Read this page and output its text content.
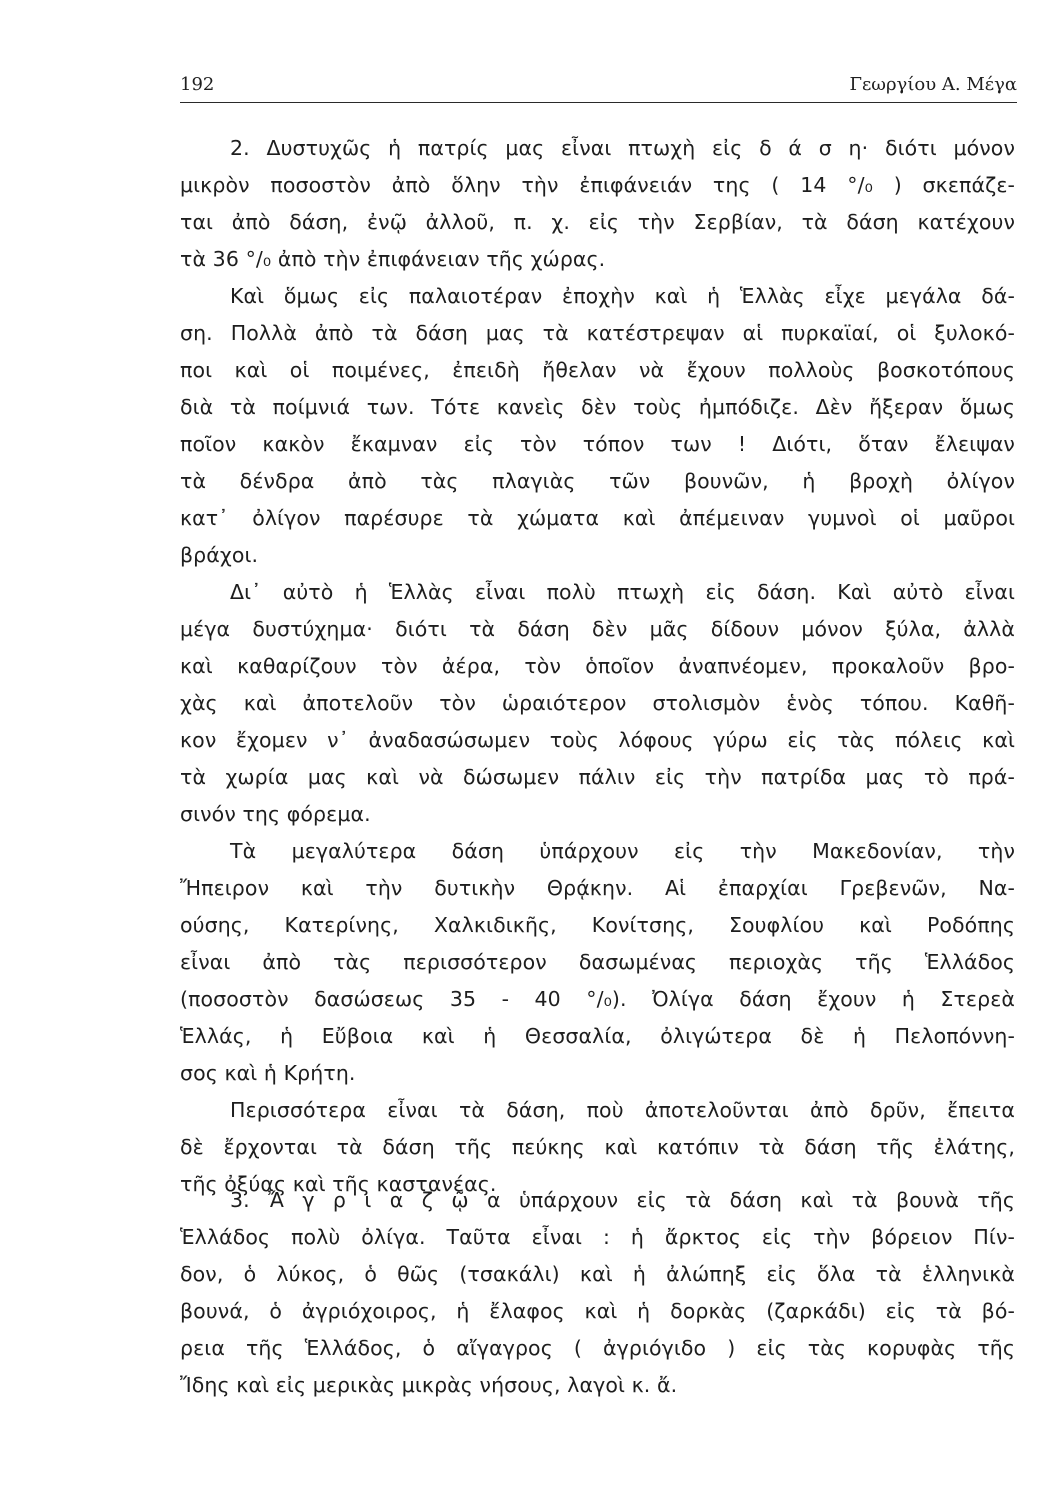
192	Γεωργίου Α. Μέγα
2. Δυστυχῶς ἡ πατρίς μας εἶναι πτωχὴ εἰς δ ά σ η· διότι μόνον
μικρὸν ποσοστὸν ἀπὸ ὅλην τὴν ἐπιφάνειάν της ( 14 °/₀ ) σκεπάζε-
ται ἀπὸ δάση, ἐνῷ ἀλλοῦ, π. χ. εἰς τὴν Σερβίαν, τὰ δάση κατέχουν
τὰ 36 °/₀ ἀπὸ τὴν ἐπιφάνειαν τῆς χώρας.
Καὶ ὅμως εἰς παλαιοτέραν ἐποχὴν καὶ ἡ Ἑλλὰς εἶχε μεγάλα δά-
ση. Πολλὰ ἀπὸ τὰ δάση μας τὰ κατέστρεψαν αἱ πυρκαϊαί, οἱ ξυλοκό-
ποι καὶ οἱ ποιμένες, ἐπειδὴ ἤθελαν νὰ ἔχουν πολλοὺς βοσκοτόπους
διὰ τὰ ποίμνιά των. Τότε κανεὶς δὲν τοὺς ἠμπόδιζε. Δὲν ἤξεραν ὅμως
ποῖον κακὸν ἔκαμναν εἰς τὸν τόπον των ! Διότι, ὅταν ἔλειψαν
τὰ δένδρα ἀπὸ τὰς πλαγιὰς τῶν βουνῶν, ἡ βροχὴ ὀλίγον
κατ᾽ ὀλίγον παρέσυρε τὰ χώματα καὶ ἀπέμειναν γυμνοὶ οἱ μαῦροι
βράχοι.
Δι᾽ αὐτὸ ἡ Ἑλλὰς εἶναι πολὺ πτωχὴ εἰς δάση. Καὶ αὐτὸ εἶναι
μέγα δυστύχημα· διότι τὰ δάση δὲν μᾶς δίδουν μόνον ξύλα, ἀλλὰ
καὶ καθαρίζουν τὸν ἀέρα, τὸν ὁποῖον ἀναπνέομεν, προκαλοῦν βρο-
χὰς καὶ ἀποτελοῦν τὸν ὡραιότερον στολισμὸν ἑνὸς τόπου. Καθῆ-
κον ἔχομεν ν᾽ ἀναδασώσωμεν τοὺς λόφους γύρω εἰς τὰς πόλεις καὶ
τὰ χωρία μας καὶ νὰ δώσωμεν πάλιν εἰς τὴν πατρίδα μας τὸ πρά-
σινόν της φόρεμα.
Τὰ μεγαλύτερα δάση ὑπάρχουν εἰς τὴν Μακεδονίαν, τὴν
Ἤπειρον καὶ τὴν δυτικὴν Θρᾴκην. Αἱ ἐπαρχίαι Γρεβενῶν, Να-
ούσης, Κατερίνης, Χαλκιδικῆς, Κονίτσης, Σουφλίου καὶ Ροδόπης
εἶναι ἀπὸ τὰς περισσότερον δασωμένας περιοχὰς τῆς Ἑλλάδος
(ποσοστὸν δασώσεως 35 - 40 °/₀). Ὀλίγα δάση ἔχουν ἡ Στερεὰ
Ἑλλάς, ἡ Εὔβοια καὶ ἡ Θεσσαλία, ὀλιγώτερα δὲ ἡ Πελοπόννη-
σος καὶ ἡ Κρήτη.
Περισσότερα εἶναι τὰ δάση, ποὺ ἀποτελοῦνται ἀπὸ δρῦν, ἔπειτα
δὲ ἔρχονται τὰ δάση τῆς πεύκης καὶ κατόπιν τὰ δάση τῆς ἐλάτης,
τῆς ὀξύας καὶ τῆς καστανέας.
3. Ἄ γ ρ ι α ζ ῷ α ὑπάρχουν εἰς τὰ δάση καὶ τὰ βουνὰ τῆς
Ἑλλάδος πολὺ ὀλίγα. Ταῦτα εἶναι : ἡ ἄρκτος εἰς τὴν βόρειον Πίν-
δον, ὁ λύκος, ὁ θῶς (τσακάλι) καὶ ἡ ἀλώπηξ εἰς ὅλα τὰ ἑλληνικὰ
βουνά, ὁ ἀγριόχοιρος, ἡ ἔλαφος καὶ ἡ δορκὰς (ζαρκάδι) εἰς τὰ βό-
ρεια τῆς Ἑλλάδος, ὁ αἴγαγρος ( ἀγριόγιδο ) εἰς τὰς κορυφὰς τῆς
Ἴδης καὶ εἰς μερικὰς μικρὰς νήσους, λαγοὶ κ. ἄ.
